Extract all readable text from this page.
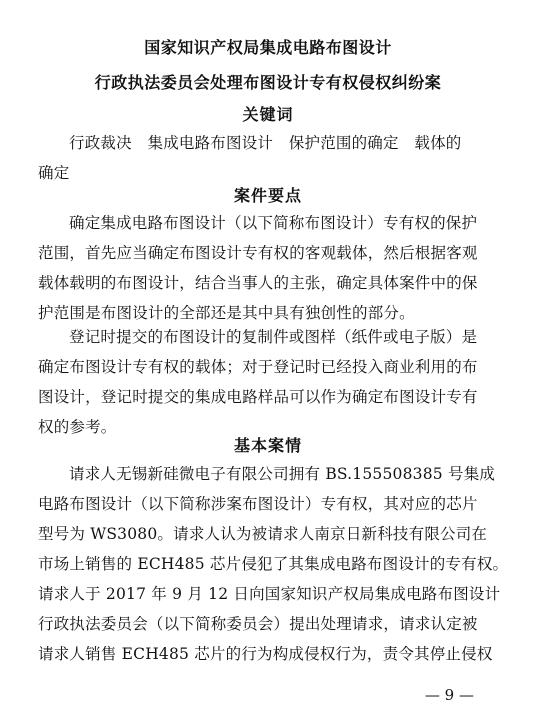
国家知识产权局集成电路布图设计
行政执法委员会处理布图设计专有权侵权纠纷案
关键词
行政裁决　集成电路布图设计　保护范围的确定　载体的
确定
案件要点
确定集成电路布图设计（以下简称布图设计）专有权的保护
范围，首先应当确定布图设计专有权的客观载体，然后根据客观
载体载明的布图设计，结合当事人的主张，确定具体案件中的保
护范围是布图设计的全部还是其中具有独创性的部分。
登记时提交的布图设计的复制件或图样（纸件或电子版）是
确定布图设计专有权的载体；对于登记时已经投入商业利用的布
图设计，登记时提交的集成电路样品可以作为确定布图设计专有
权的参考。
基本案情
请求人无锡新硅微电子有限公司拥有 BS.155508385 号集成
电路布图设计（以下简称涉案布图设计）专有权，其对应的芯片
型号为 WS3080。请求人认为被请求人南京日新科技有限公司在
市场上销售的 ECH485 芯片侵犯了其集成电路布图设计的专有权。
请求人于 2017 年 9 月 12 日向国家知识产权局集成电路布图设计
行政执法委员会（以下简称委员会）提出处理请求，请求认定被
请求人销售 ECH485 芯片的行为构成侵权行为，责令其停止侵权
— 9 —
